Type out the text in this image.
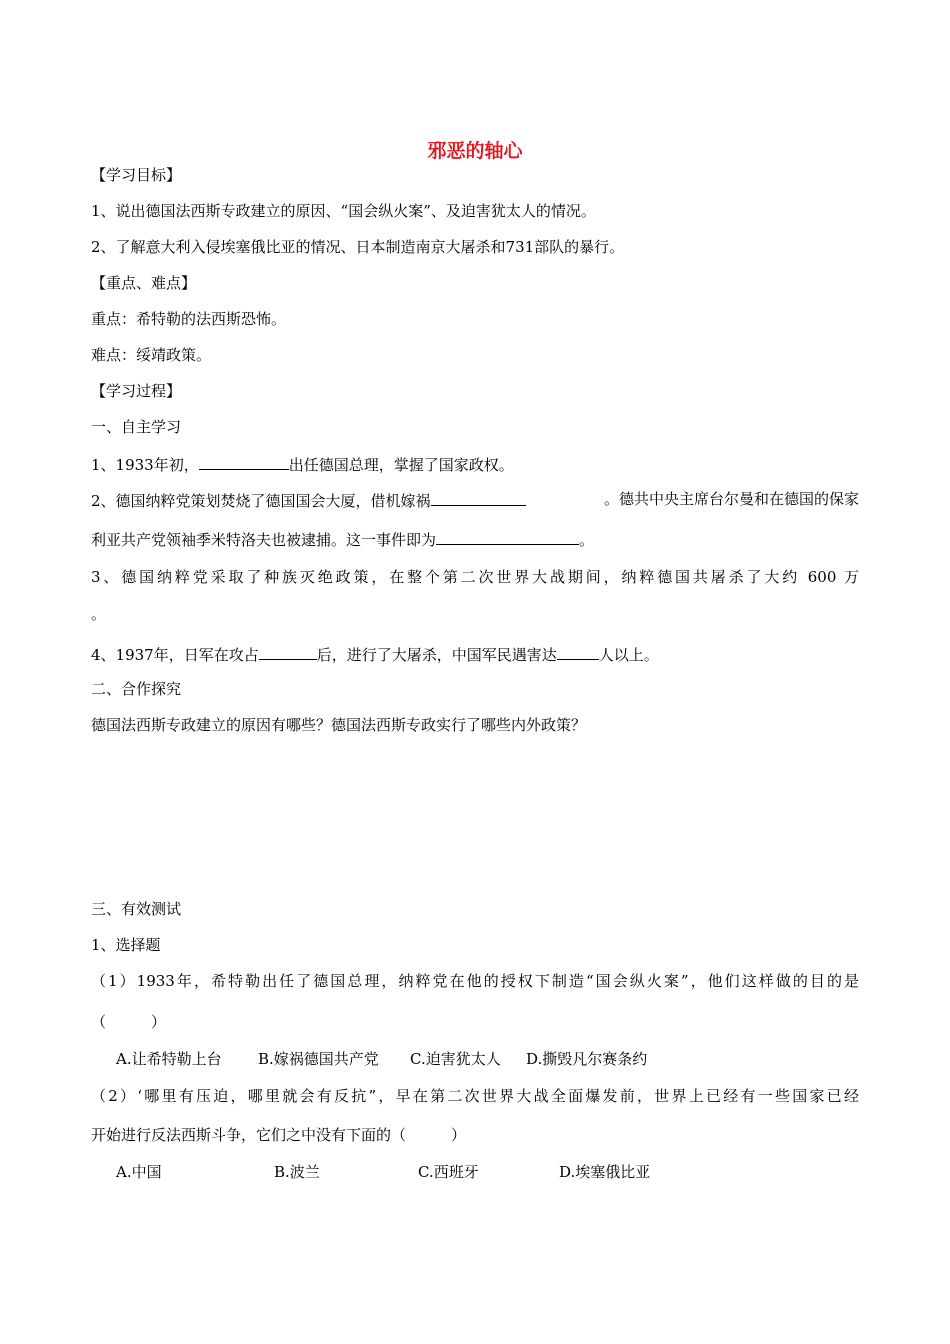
邪恶的轴心
【学习目标】
1、说出德国法西斯专政建立的原因、“国会纵火案”、及迫害犹太人的情况。
2、了解意大利入侵埃塞俄比亚的情况、日本制造南京大屠杀和731部队的暴行。
【重点、难点】
重点：希特勒的法西斯恐怖。
难点：绥靖政策。
【学习过程】
一、自主学习
1、1933年初，	出任德国总理，掌握了国家政权。
2、德国纳粹党策划焚烧了德国国会大厦，借机嫁祸	。德共中央主席台尔曼和在德国的保家
利亚共产党领袖季米特洛夫也被逮捕。这一事件即为	。
3、德国纳粹党采取了种族灭绝政策，在整个第二次世界大战期间，纳粹德国共屠杀了大约 600 万
。
4、1937年，日军在攻占	后，进行了大屠杀，中国军民遇害达	人以上。
二、合作探究
德国法西斯专政建立的原因有哪些？德国法西斯专政实行了哪些内外政策？
三、有效测试
1、选择题
（1）1933年，希特勒出任了德国总理，纳粹党在他的授权下制造“国会纵火案”，他们这样做的目的是
（　　　）
A.让希特勒上台 B.嫁祸德国共产党 C.迫害犹太人 D.撕毁凡尔赛条约
（2）‘哪里有压迫，哪里就会有反抗”，早在第二次世界大战全面爆发前，世界上已经有一些国家已经
开始进行反法西斯斗争，它们之中没有下面的（　　　）
A.中国	B.波兰	C.西班牙	D.埃塞俄比亚
